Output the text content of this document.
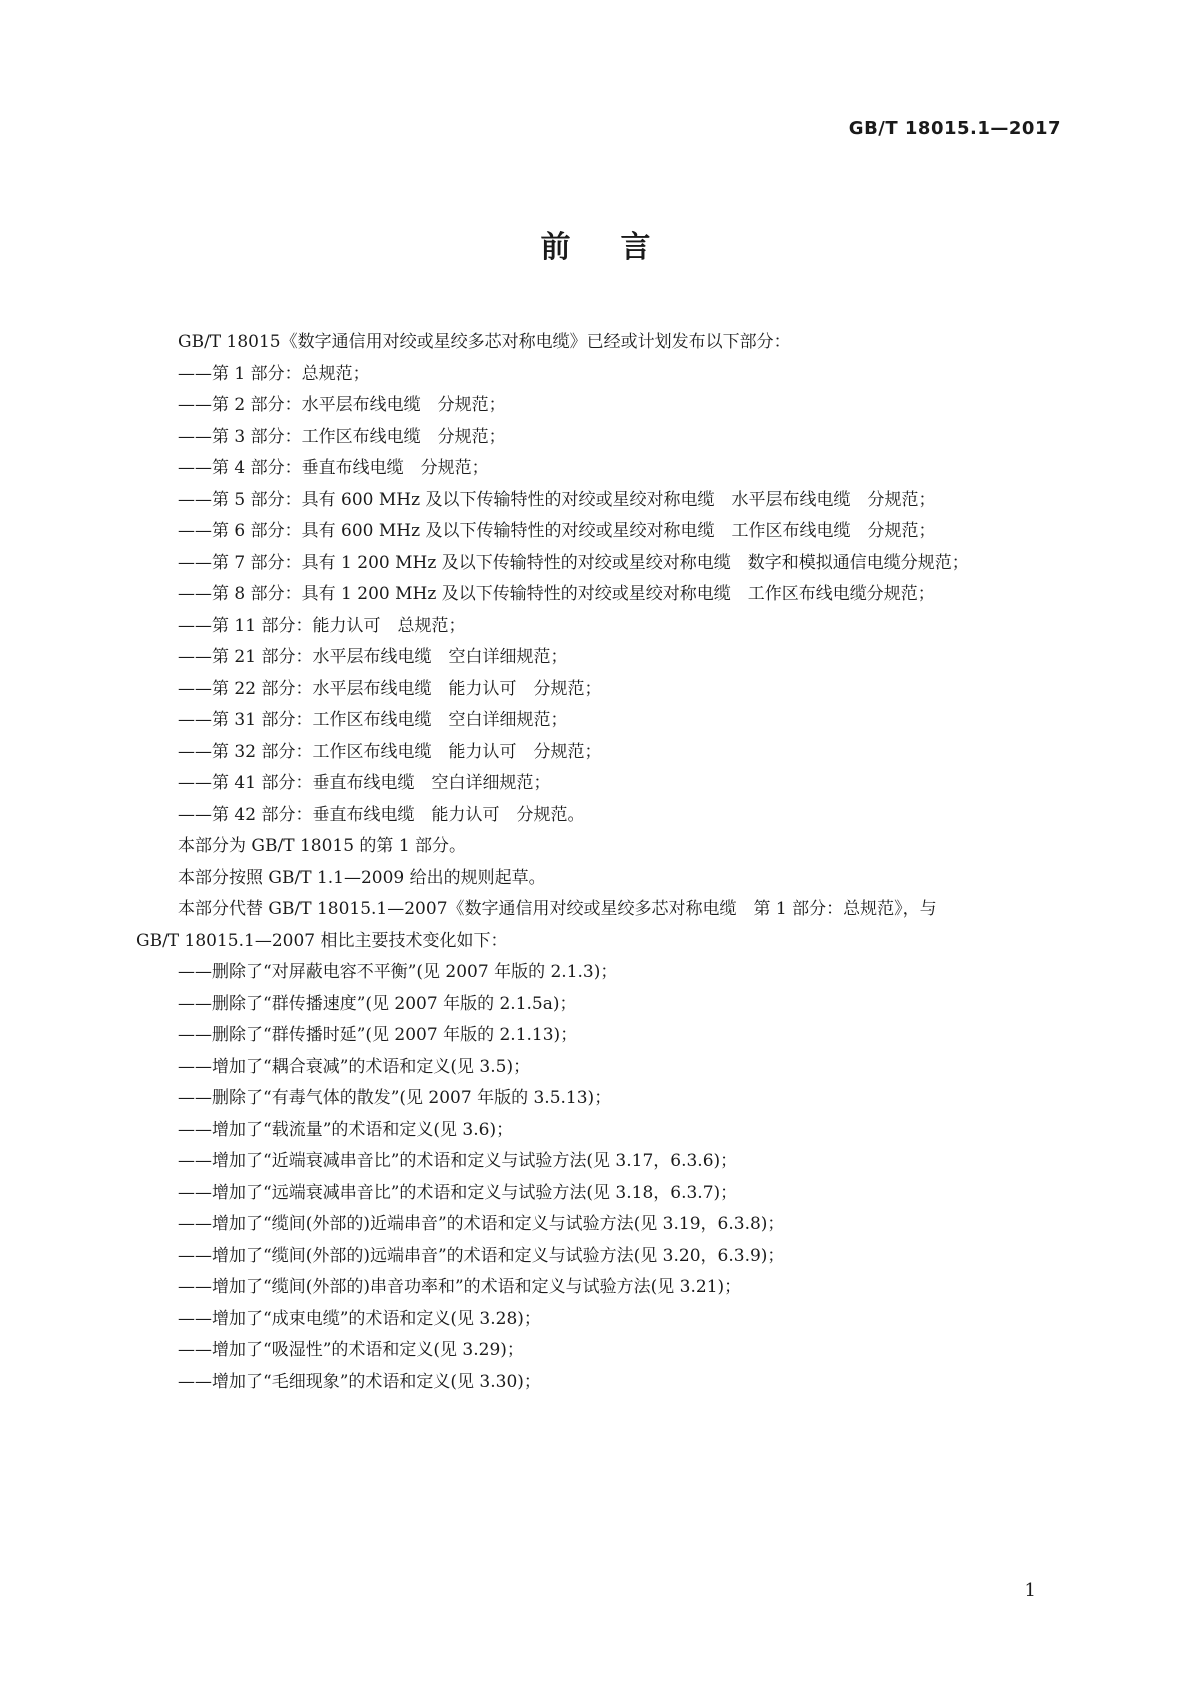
GB/T 18015.1—2017
前言

GB/T 18015《数字通信用对绞或星绞多芯对称电缆》已经或计划发布以下部分：

——第 1 部分：总规范；

——第 2 部分：水平层布线电缆　分规范；

——第 3 部分：工作区布线电缆　分规范；

——第 4 部分：垂直布线电缆　分规范；

——第 5 部分：具有 600 MHz 及以下传输特性的对绞或星绞对称电缆　水平层布线电缆　分规范；

——第 6 部分：具有 600 MHz 及以下传输特性的对绞或星绞对称电缆　工作区布线电缆　分规范；

——第 7 部分：具有 1 200 MHz 及以下传输特性的对绞或星绞对称电缆　数字和模拟通信电缆分规范；

——第 8 部分：具有 1 200 MHz 及以下传输特性的对绞或星绞对称电缆　工作区布线电缆分规范；

——第 11 部分：能力认可　总规范；

——第 21 部分：水平层布线电缆　空白详细规范；

——第 22 部分：水平层布线电缆　能力认可　分规范；

——第 31 部分：工作区布线电缆　空白详细规范；

——第 32 部分：工作区布线电缆　能力认可　分规范；

——第 41 部分：垂直布线电缆　空白详细规范；

——第 42 部分：垂直布线电缆　能力认可　分规范。

本部分为 GB/T 18015 的第 1 部分。

本部分按照 GB/T 1.1—2009 给出的规则起草。

本部分代替 GB/T 18015.1—2007《数字通信用对绞或星绞多芯对称电缆　第 1 部分：总规范》，与

GB/T 18015.1—2007 相比主要技术变化如下：

——删除了“对屏蔽电容不平衡”(见 2007 年版的 2.1.3)；

——删除了“群传播速度”(见 2007 年版的 2.1.5a)；

——删除了“群传播时延”(见 2007 年版的 2.1.13)；

——增加了“耦合衰减”的术语和定义(见 3.5)；

——删除了“有毒气体的散发”(见 2007 年版的 3.5.13)；

——增加了“载流量”的术语和定义(见 3.6)；

——增加了“近端衰减串音比”的术语和定义与试验方法(见 3.17，6.3.6)；

——增加了“远端衰减串音比”的术语和定义与试验方法(见 3.18，6.3.7)；

——增加了“缆间(外部的)近端串音”的术语和定义与试验方法(见 3.19，6.3.8)；

——增加了“缆间(外部的)远端串音”的术语和定义与试验方法(见 3.20，6.3.9)；

——增加了“缆间(外部的)串音功率和”的术语和定义与试验方法(见 3.21)；

——增加了“成束电缆”的术语和定义(见 3.28)；

——增加了“吸湿性”的术语和定义(见 3.29)；

——增加了“毛细现象”的术语和定义(见 3.30)；

1
